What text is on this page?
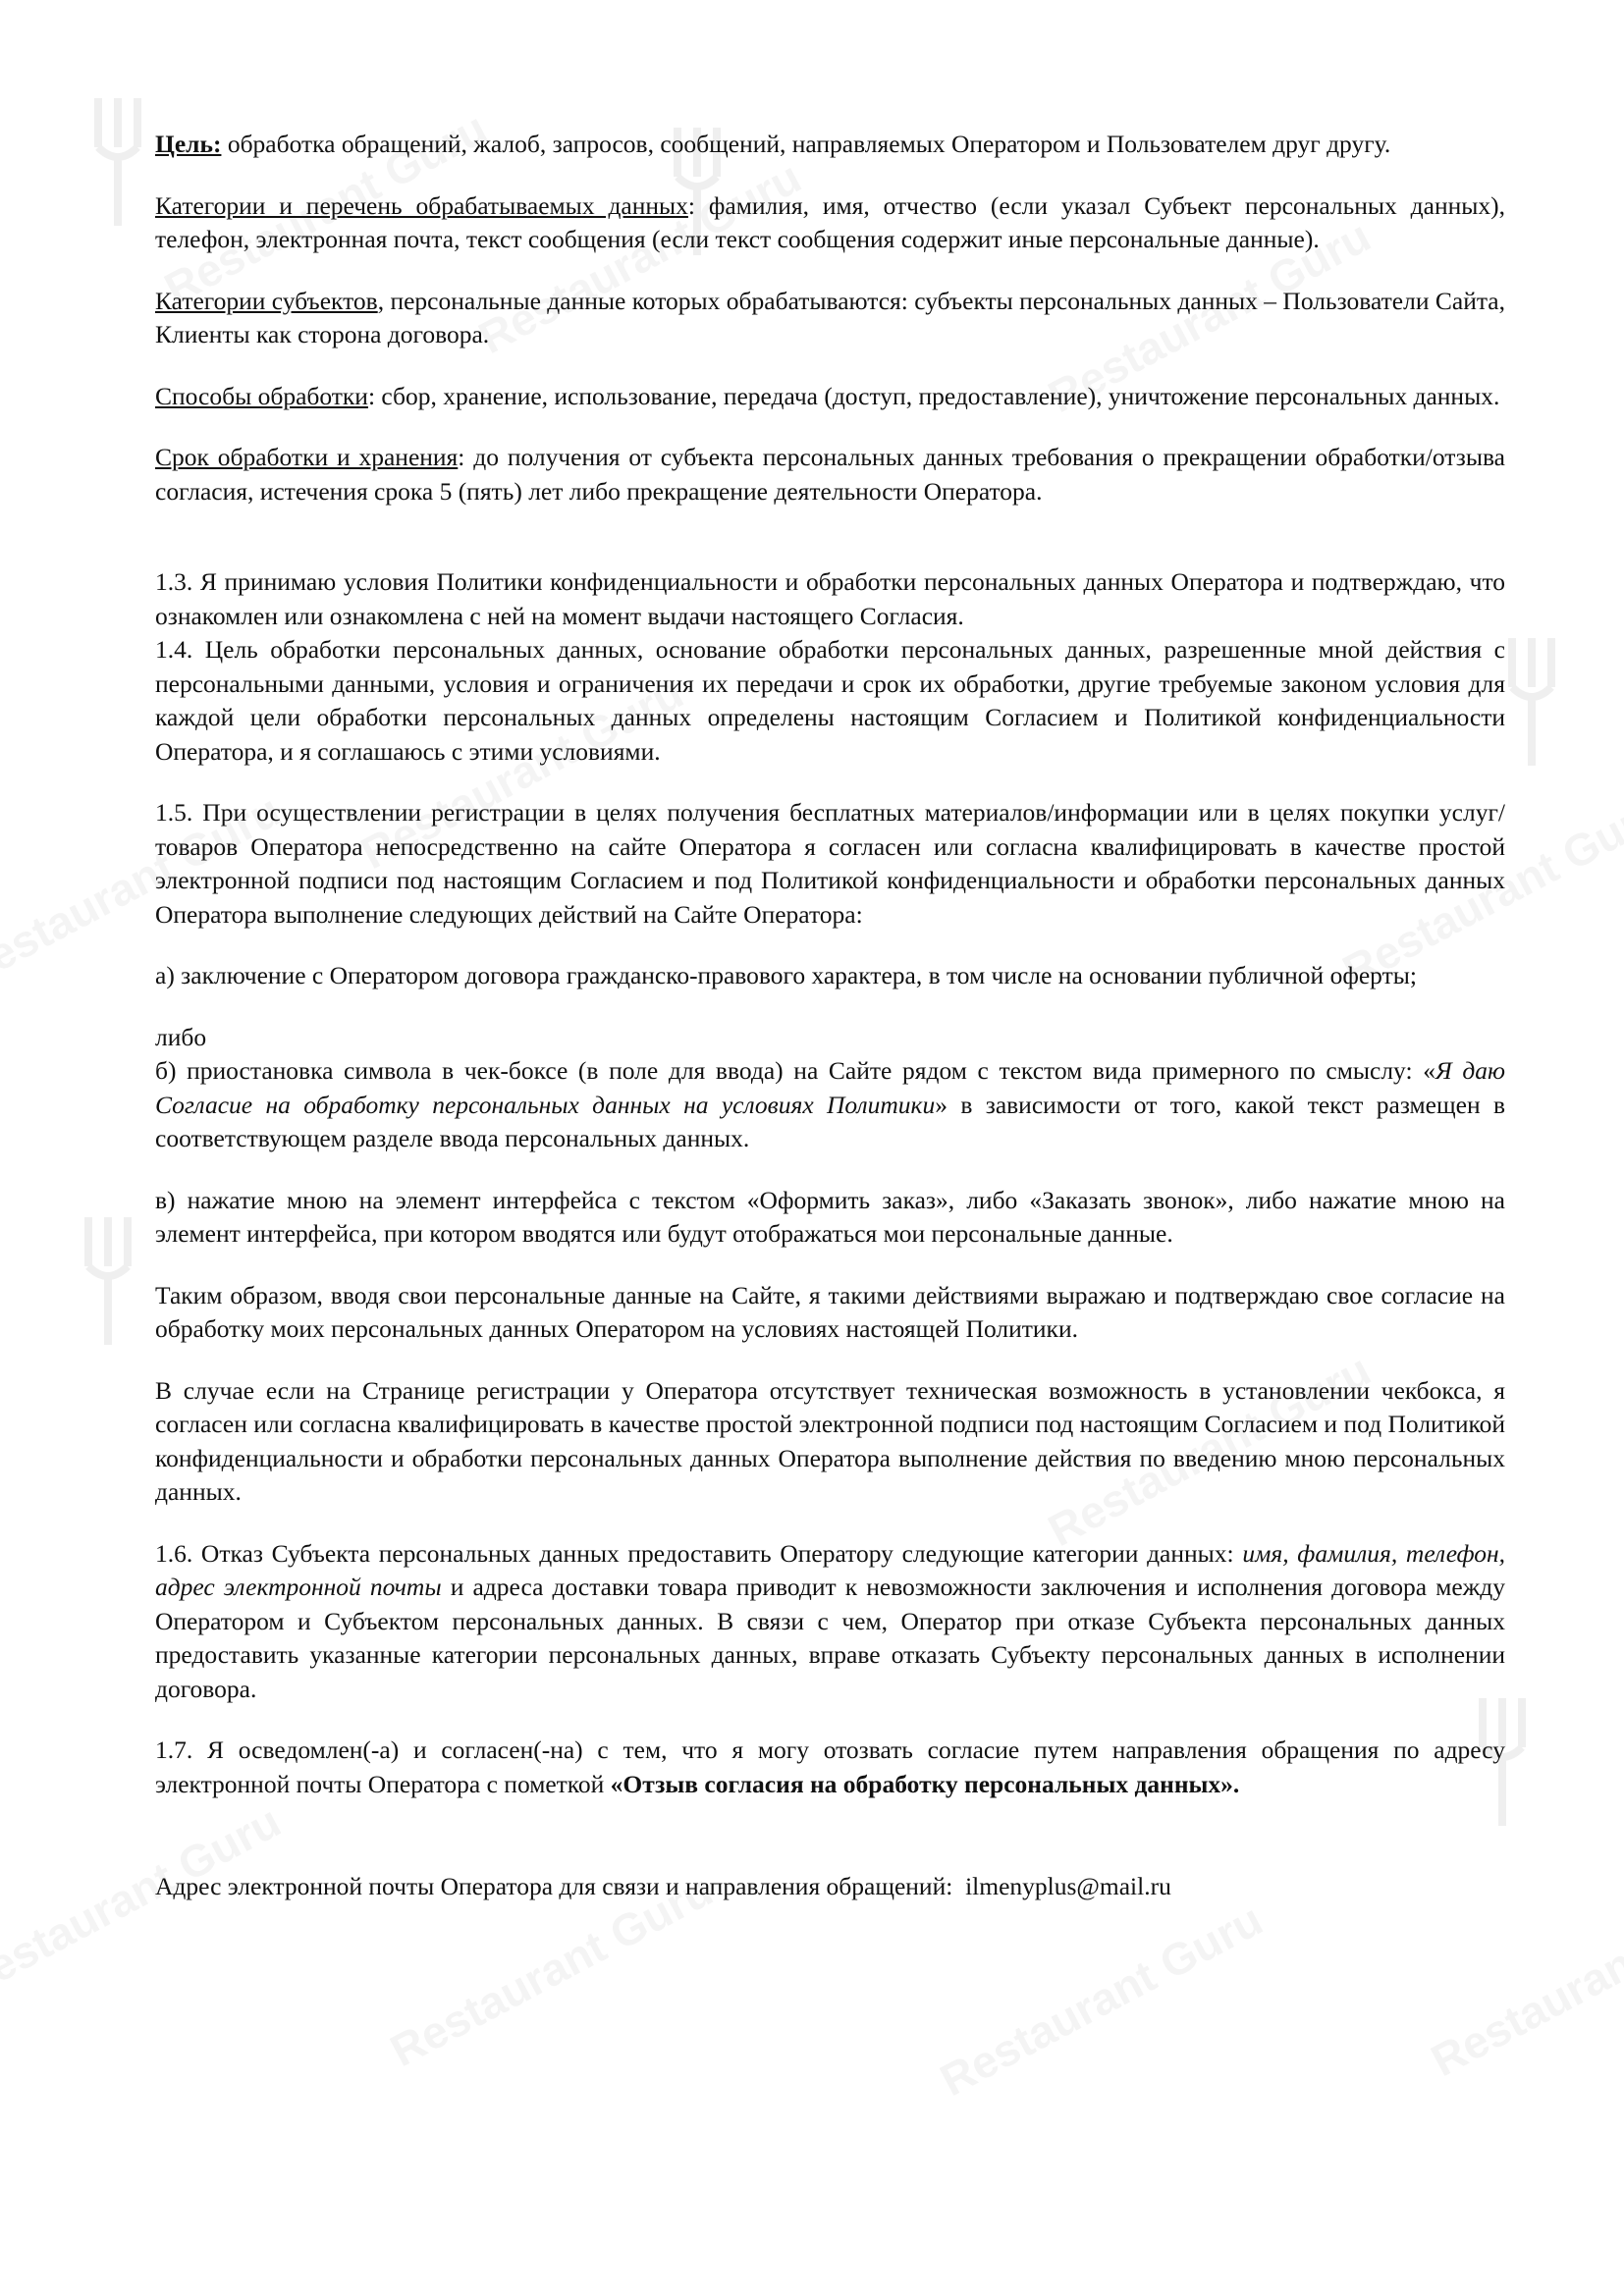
Цель: обработка обращений, жалоб, запросов, сообщений, направляемых Оператором и Пользователем друг другу.

Категории и перечень обрабатываемых данных: фамилия, имя, отчество (если указал Субъект персональных данных), телефон, электронная почта, текст сообщения (если текст сообщения содержит иные персональные данные).

Категории субъектов, персональные данные которых обрабатываются: субъекты персональных данных – Пользователи Сайта, Клиенты как сторона договора.

Способы обработки: сбор, хранение, использование, передача (доступ, предоставление), уничтожение персональных данных.

Срок обработки и хранения: до получения от субъекта персональных данных требования о прекращении обработки/отзыва согласия, истечения срока 5 (пять) лет либо прекращение деятельности Оператора.

1.3. Я принимаю условия Политики конфиденциальности и обработки персональных данных Оператора и подтверждаю, что ознакомлен или ознакомлена с ней на момент выдачи настоящего Согласия.

1.4. Цель обработки персональных данных, основание обработки персональных данных, разрешенные мной действия с персональными данными, условия и ограничения их передачи и срок их обработки, другие требуемые законом условия для каждой цели обработки персональных данных определены настоящим Согласием и Политикой конфиденциальности Оператора, и я соглашаюсь с этими условиями.

1.5. При осуществлении регистрации в целях получения бесплатных материалов/информации или в целях покупки услуг/товаров Оператора непосредственно на сайте Оператора я согласен или согласна квалифицировать в качестве простой электронной подписи под настоящим Согласием и под Политикой конфиденциальности и обработки персональных данных Оператора выполнение следующих действий на Сайте Оператора:

а) заключение с Оператором договора гражданско-правового характера, в том числе на основании публичной оферты;

либо

б) приостановка символа в чек-боксе (в поле для ввода) на Сайте рядом с текстом вида примерного по смыслу: «Я даю Согласие на обработку персональных данных на условиях Политики» в зависимости от того, какой текст размещен в соответствующем разделе ввода персональных данных.

в) нажатие мною на элемент интерфейса с текстом «Оформить заказ», либо «Заказать звонок», либо нажатие мною на элемент интерфейса, при котором вводятся или будут отображаться мои персональные данные.

Таким образом, вводя свои персональные данные на Сайте, я такими действиями выражаю и подтверждаю свое согласие на обработку моих персональных данных Оператором на условиях настоящей Политики.

В случае если на Странице регистрации у Оператора отсутствует техническая возможность в установлении чекбокса, я согласен или согласна квалифицировать в качестве простой электронной подписи под настоящим Согласием и под Политикой конфиденциальности и обработки персональных данных Оператора выполнение действия по введению мною персональных данных.

1.6. Отказ Субъекта персональных данных предоставить Оператору следующие категории данных: имя, фамилия, телефон, адрес электронной почты и адреса доставки товара приводит к невозможности заключения и исполнения договора между Оператором и Субъектом персональных данных. В связи с чем, Оператор при отказе Субъекта персональных данных предоставить указанные категории персональных данных, вправе отказать Субъекту персональных данных в исполнении договора.

1.7. Я осведомлен(-а) и согласен(-на) с тем, что я могу отозвать согласие путем направления обращения по адресу электронной почты Оператора с пометкой «Отзыв согласия на обработку персональных данных».

Адрес электронной почты Оператора для связи и направления обращений: ilmenyplus@mail.ru
